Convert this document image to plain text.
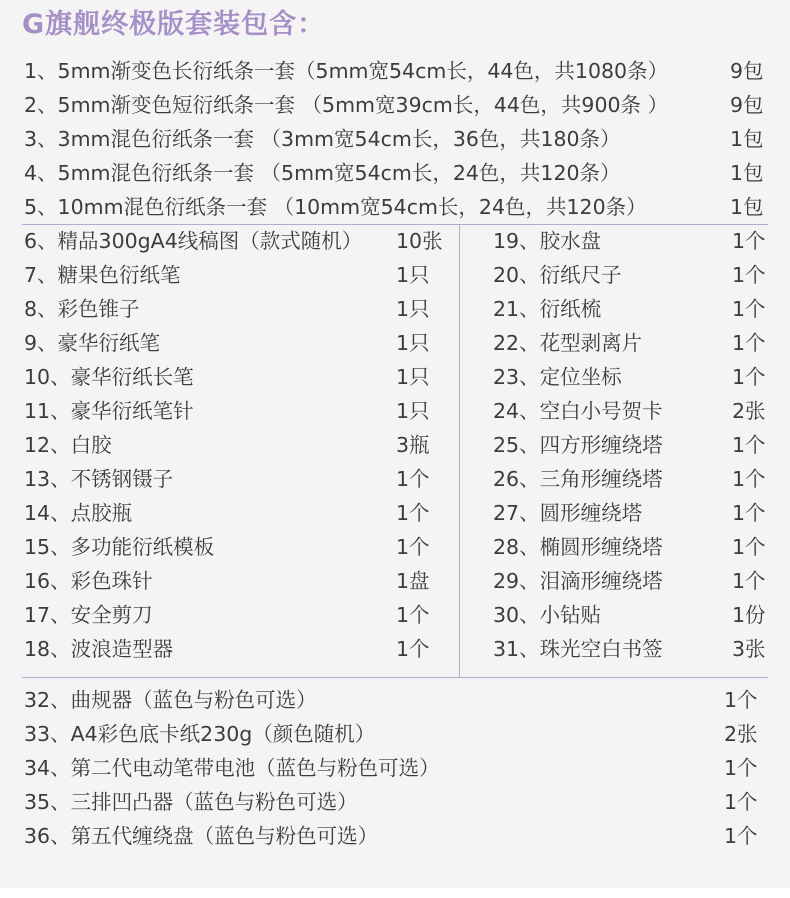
G旗舰终极版套装包含：
1、5mm渐变色长衍纸条一套（5mm宽54cm长，44色，共1080条）	9包
2、5mm渐变色短衍纸条一套 （5mm宽39cm长，44色，共900条 ）	9包
3、3mm混色衍纸条一套 （3mm宽54cm长，36色，共180条）	1包
4、5mm混色衍纸条一套 （5mm宽54cm长，24色，共120条）	1包
5、10mm混色衍纸条一套 （10mm宽54cm长，24色，共120条）	1包
6、精品300gA4线稿图（款式随机） 10张
7、糖果色衍纸笔	1只
8、彩色锥子	1只
9、豪华衍纸笔	1只
10、豪华衍纸长笔	1只
11、豪华衍纸笔针	1只
12、白胶	3瓶
13、不锈钢镊子	1个
14、点胶瓶	1个
15、多功能衍纸模板	1个
16、彩色珠针	1盘
17、安全剪刀	1个
18、波浪造型器	1个
19、胶水盘	1个
20、衍纸尺子	1个
21、衍纸梳	1个
22、花型剥离片	1个
23、定位坐标	1个
24、空白小号贺卡	2张
25、四方形缠绕塔	1个
26、三角形缠绕塔	1个
27、圆形缠绕塔	1个
28、椭圆形缠绕塔	1个
29、泪滴形缠绕塔	1个
30、小钻贴	1份
31、珠光空白书签	3张
32、曲规器（蓝色与粉色可选）	1个
33、A4彩色底卡纸230g（颜色随机）	2张
34、第二代电动笔带电池（蓝色与粉色可选）	1个
35、三排凹凸器（蓝色与粉色可选）	1个
36、第五代缠绕盘（蓝色与粉色可选）	1个
